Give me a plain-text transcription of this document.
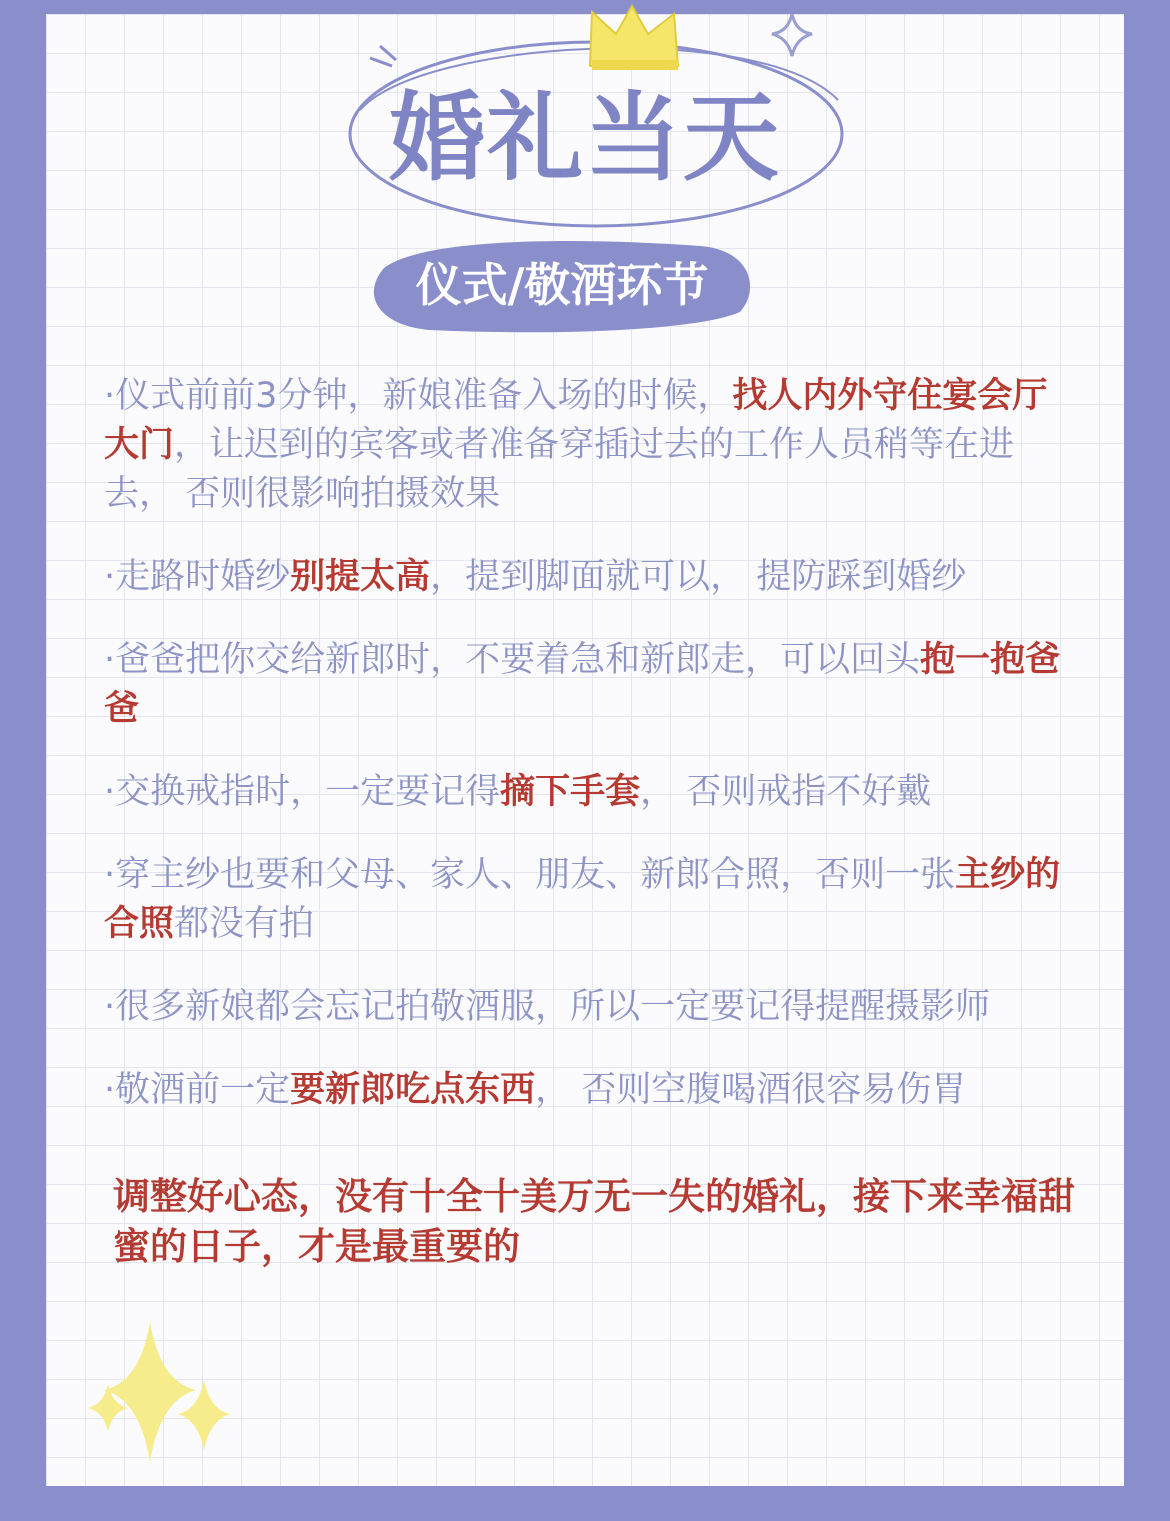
婚礼当天
仪式/敬酒环节

·仪式前前3分钟，新娘准备入场的时候，找人内外守住宴会厅大门，让迟到的宾客或者准备穿插过去的工作人员稍等在进去， 否则很影响拍摄效果

·走路时婚纱别提太高，提到脚面就可以， 提防踩到婚纱

·爸爸把你交给新郎时，不要着急和新郎走，可以回头抱一抱爸爸

·交换戒指时，一定要记得摘下手套， 否则戒指不好戴

·穿主纱也要和父母、家人、朋友、新郎合照，否则一张主纱的合照都没有拍

·很多新娘都会忘记拍敬酒服，所以一定要记得提醒摄影师

·敬酒前一定要新郎吃点东西， 否则空腹喝酒很容易伤胃

调整好心态，没有十全十美万无一失的婚礼，接下来幸福甜蜜的日子，才是最重要的
